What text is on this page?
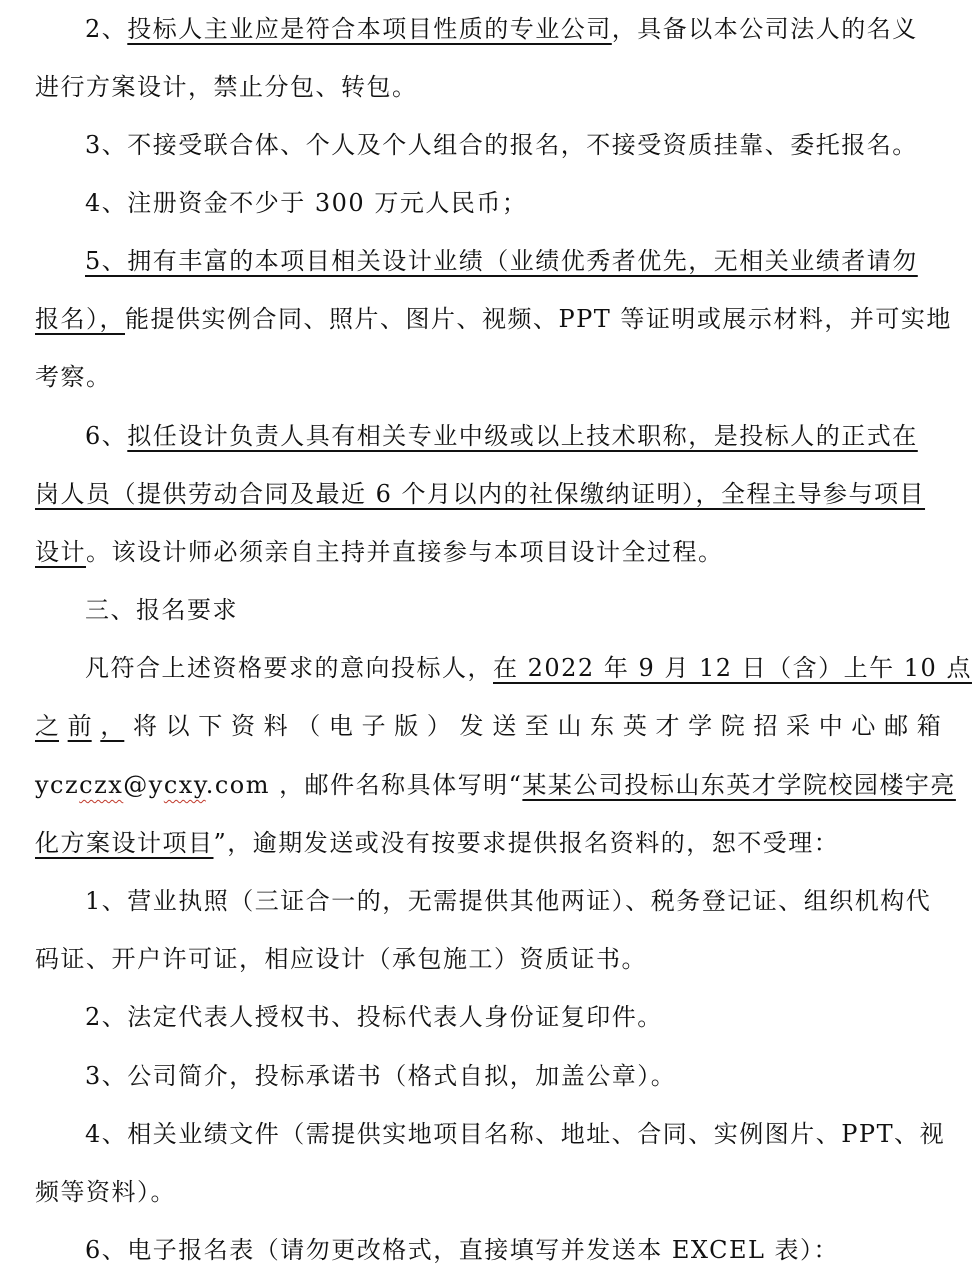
2、投标人主业应是符合本项目性质的专业公司，具备以本公司法人的名义
进行方案设计，禁止分包、转包。
3、不接受联合体、个人及个人组合的报名，不接受资质挂靠、委托报名。
4、注册资金不少于 300 万元人民币；
5、拥有丰富的本项目相关设计业绩（业绩优秀者优先，无相关业绩者请勿
报名），能提供实例合同、照片、图片、视频、PPT 等证明或展示材料，并可实地
考察。
6、拟任设计负责人具有相关专业中级或以上技术职称，是投标人的正式在
岗人员（提供劳动合同及最近 6 个月以内的社保缴纳证明），全程主导参与项目
设计。该设计师必须亲自主持并直接参与本项目设计全过程。
三、报名要求
凡符合上述资格要求的意向投标人，在 2022 年 9 月 12 日（含）上午 10 点
之 前 ， 将 以 下 资 料 （ 电 子 版 ） 发 送 至 山 东 英 才 学 院 招 采 中 心 邮 箱
yczczx@ycxy.com ，邮件名称具体写明“某某公司投标山东英才学院校园楼宇亮
化方案设计项目”，逾期发送或没有按要求提供报名资料的，恕不受理：
1、营业执照（三证合一的，无需提供其他两证）、税务登记证、组织机构代
码证、开户许可证，相应设计（承包施工）资质证书。
2、法定代表人授权书、投标代表人身份证复印件。
3、公司简介，投标承诺书（格式自拟，加盖公章）。
4、相关业绩文件（需提供实地项目名称、地址、合同、实例图片、PPT、视
频等资料）。
6、电子报名表（请勿更改格式，直接填写并发送本 EXCEL 表）：
